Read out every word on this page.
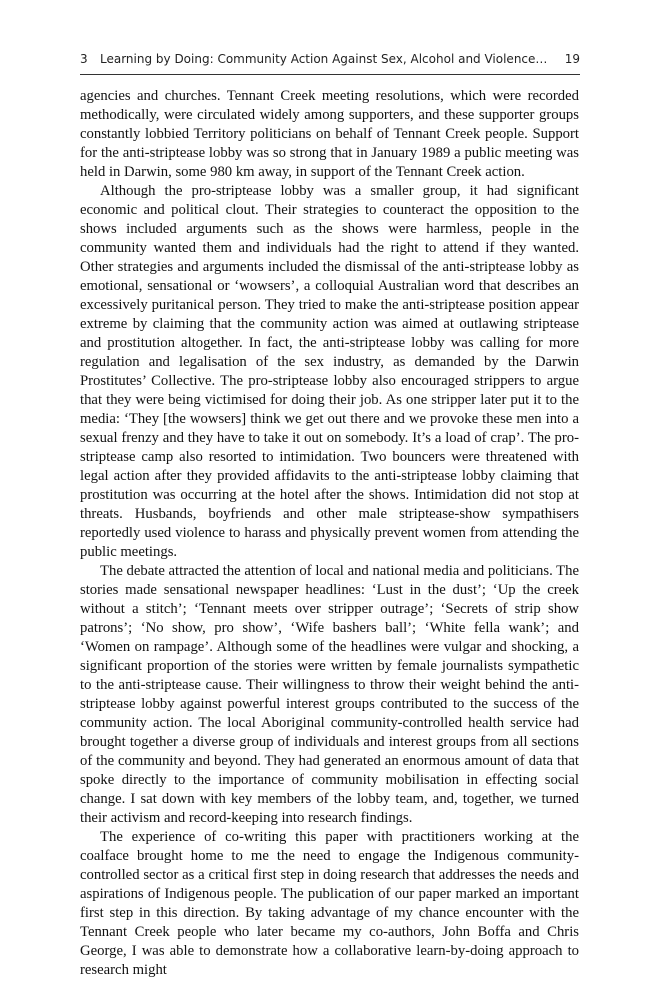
3 Learning by Doing: Community Action Against Sex, Alcohol and Violence… 19

agencies and churches. Tennant Creek meeting resolutions, which were recorded methodically, were circulated widely among supporters, and these supporter groups constantly lobbied Territory politicians on behalf of Tennant Creek people. Support for the anti-striptease lobby was so strong that in January 1989 a public meeting was held in Darwin, some 980 km away, in support of the Tennant Creek action.

Although the pro-striptease lobby was a smaller group, it had significant economic and political clout. Their strategies to counteract the opposition to the shows included arguments such as the shows were harmless, people in the community wanted them and individuals had the right to attend if they wanted. Other strategies and arguments included the dismissal of the anti-striptease lobby as emotional, sensational or ‘wowsers’, a colloquial Australian word that describes an excessively puritanical person. They tried to make the anti-striptease position appear extreme by claiming that the community action was aimed at outlawing striptease and prostitution altogether. In fact, the anti-striptease lobby was calling for more regulation and legalisation of the sex industry, as demanded by the Darwin Prostitutes’ Collective. The pro-striptease lobby also encouraged strippers to argue that they were being victimised for doing their job. As one stripper later put it to the media: ‘They [the wowsers] think we get out there and we provoke these men into a sexual frenzy and they have to take it out on somebody. It’s a load of crap’. The pro-striptease camp also resorted to intimidation. Two bouncers were threatened with legal action after they provided affidavits to the anti-striptease lobby claiming that prostitution was occurring at the hotel after the shows. Intimidation did not stop at threats. Husbands, boyfriends and other male striptease-show sympathisers reportedly used violence to harass and physically prevent women from attending the public meetings.

The debate attracted the attention of local and national media and politicians. The stories made sensational newspaper headlines: ‘Lust in the dust’; ‘Up the creek without a stitch’; ‘Tennant meets over stripper outrage’; ‘Secrets of strip show patrons’; ‘No show, pro show’, ‘Wife bashers ball’; ‘White fella wank’; and ‘Women on rampage’. Although some of the headlines were vulgar and shocking, a significant proportion of the stories were written by female journalists sympathetic to the anti-striptease cause. Their willingness to throw their weight behind the anti-striptease lobby against powerful interest groups contributed to the success of the community action. The local Aboriginal community-controlled health service had brought together a diverse group of individuals and interest groups from all sections of the community and beyond. They had generated an enormous amount of data that spoke directly to the importance of community mobilisation in effecting social change. I sat down with key members of the lobby team, and, together, we turned their activism and record-keeping into research findings.

The experience of co-writing this paper with practitioners working at the coalface brought home to me the need to engage the Indigenous community-controlled sector as a critical first step in doing research that addresses the needs and aspirations of Indigenous people. The publication of our paper marked an important first step in this direction. By taking advantage of my chance encounter with the Tennant Creek people who later became my co-authors, John Boffa and Chris George, I was able to demonstrate how a collaborative learn-by-doing approach to research might
